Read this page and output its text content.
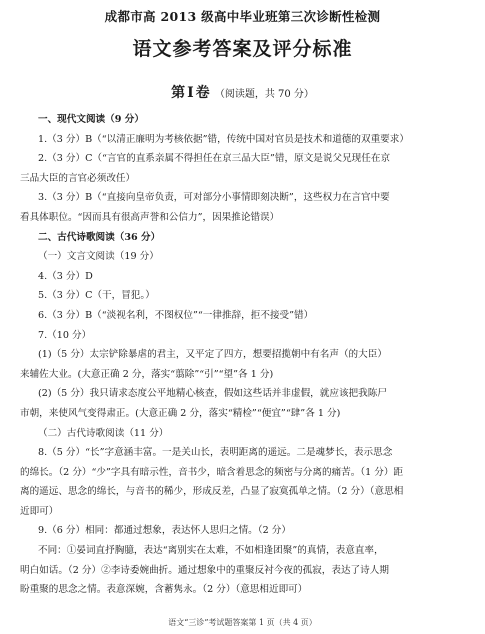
成都市高 2013 级高中毕业班第三次诊断性检测
语文参考答案及评分标准
第Ⅰ卷 （阅读题，共 70 分）
一、现代文阅读（9 分）
1.（3 分）B（“以清正廉明为考核依据”错，传统中国对官员是技术和道德的双重要求）
2.（3 分）C（“言官的直系亲属不得担任在京三品大臣”错，原文是说父兄现任在京
三品大臣的言官必须改任）
3.（3 分）B（“直接向皇帝负责，可对部分小事情即刻决断”，这些权力在言官中要
看具体职位。“因而具有很高声誉和公信力”，因果推论错误）
二、古代诗歌阅读（36 分）
（一）文言文阅读（19 分）
4.（3 分）D
5.（3 分）C（干，冒犯。）
6.（3 分）B（“淡视名利，不图权位”“一律推辞，拒不接受”错）
7.（10 分）
(1)（5 分）太宗铲除暴虐的君主，又平定了四方，想要招揽朝中有名声（的大臣）
来辅佐大业。(大意正确 2 分，落实“翦除”“引”“望”各 1 分)
(2)（5 分）我只请求态度公平地精心核查，假如这些话并非虚假，就应该把我陈尸
市朝，来使风气变得肃正。(大意正确 2 分，落实“精检”“便宜”“肆”各 1 分)
（二）古代诗歌阅读（11 分）
8.（5 分）“长”字意涵丰富。一是关山长，表明距离的遥远。二是魂梦长，表示思念
的绵长。（2 分）“少”字具有暗示性，音书少，暗含着思念的频密与分离的痛苦。（1 分）距
离的遥远、思念的绵长，与音书的稀少，形成反差，凸显了寂寞孤单之情。（2 分）（意思相
近即可）
9.（6 分）相同：都通过想象，表达怀人思归之情。（2 分）
不同：①晏词直抒胸臆，表达“离别实在太难，不如相逢团聚”的真情，表意直率，
明白如话。（2 分）②李诗委婉曲折。通过想象中的重聚反衬今夜的孤寂，表达了诗人期
盼重聚的思念之情。表意深婉，含蓄隽永。（2 分）（意思相近即可）
语文“三诊”考试题答案第 1 页（共 4 页）
